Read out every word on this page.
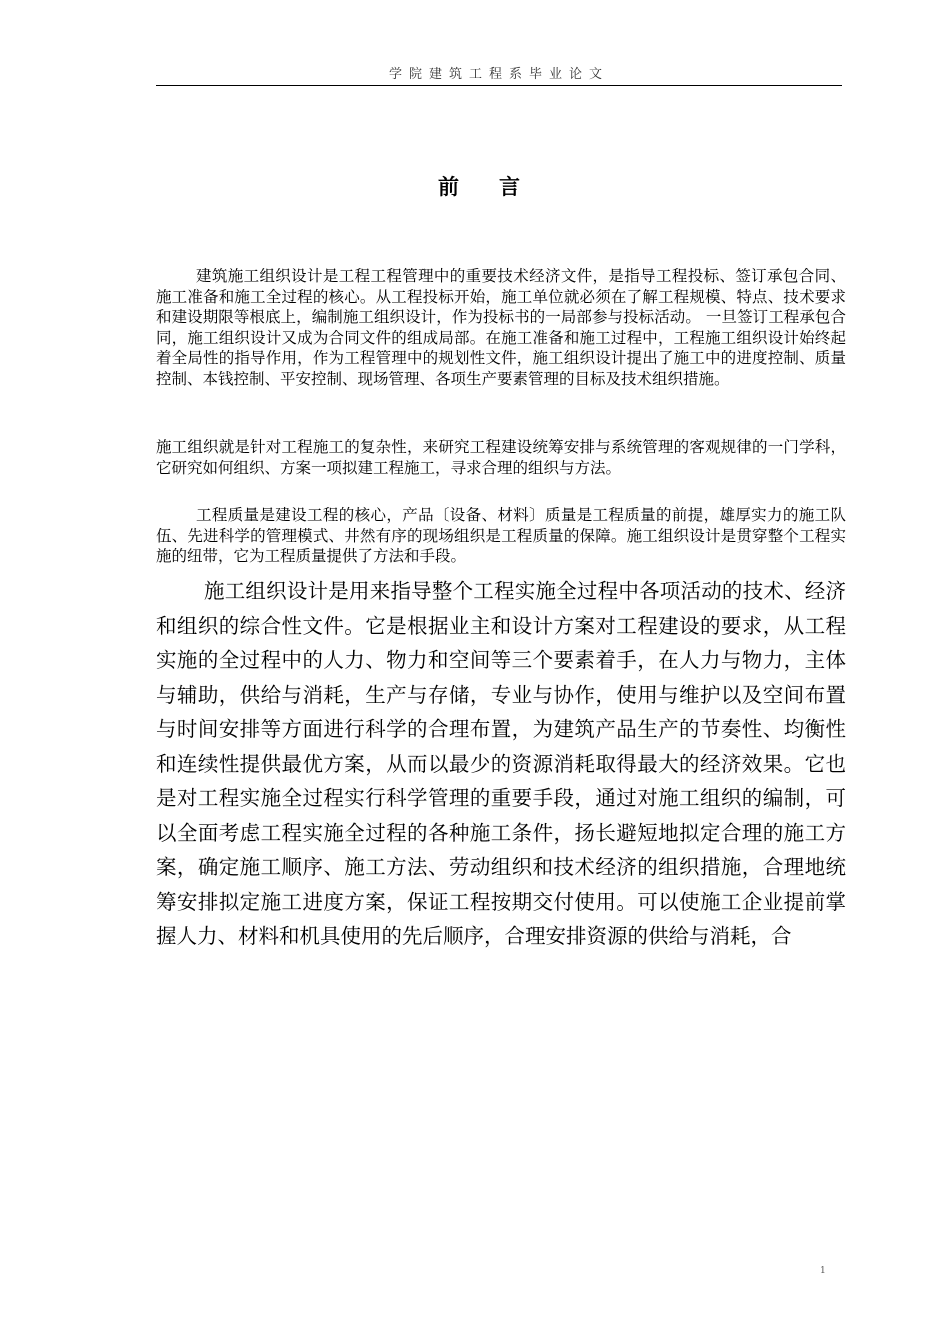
学院建筑工程系毕业论文
前言

建筑施工组织设计是工程工程管理中的重要技术经济文件，是指导工程投标、签订承包合同、施工准备和施工全过程的核心。从工程投标开始，施工单位就必须在了解工程规模、特点、技术要求和建设期限等根底上，编制施工组织设计，作为投标书的一局部参与投标活动。 一旦签订工程承包合同，施工组织设计又成为合同文件的组成局部。在施工准备和施工过程中，工程施工组织设计始终起着全局性的指导作用，作为工程管理中的规划性文件，施工组织设计提出了施工中的进度控制、质量控制、本钱控制、平安控制、现场管理、各项生产要素管理的目标及技术组织措施。

施工组织就是针对工程施工的复杂性，来研究工程建设统筹安排与系统管理的客观规律的一门学科，它研究如何组织、方案一项拟建工程施工，寻求合理的组织与方法。

工程质量是建设工程的核心，产品〔设备、材料〕质量是工程质量的前提，雄厚实力的施工队伍、先进科学的管理模式、井然有序的现场组织是工程质量的保障。施工组织设计是贯穿整个工程实施的纽带，它为工程质量提供了方法和手段。

施工组织设计是用来指导整个工程实施全过程中各项活动的技术、经济和组织的综合性文件。它是根据业主和设计方案对工程建设的要求，从工程实施的全过程中的人力、物力和空间等三个要素着手，在人力与物力，主体与辅助，供给与消耗，生产与存储，专业与协作，使用与维护以及空间布置与时间安排等方面进行科学的合理布置，为建筑产品生产的节奏性、均衡性和连续性提供最优方案，从而以最少的资源消耗取得最大的经济效果。它也是对工程实施全过程实行科学管理的重要手段，通过对施工组织的编制，可以全面考虑工程实施全过程的各种施工条件，扬长避短地拟定合理的施工方案，确定施工顺序、施工方法、劳动组织和技术经济的组织措施，合理地统筹安排拟定施工进度方案，保证工程按期交付使用。可以使施工企业提前掌握人力、材料和机具使用的先后顺序，合理安排资源的供给与消耗，合

1
